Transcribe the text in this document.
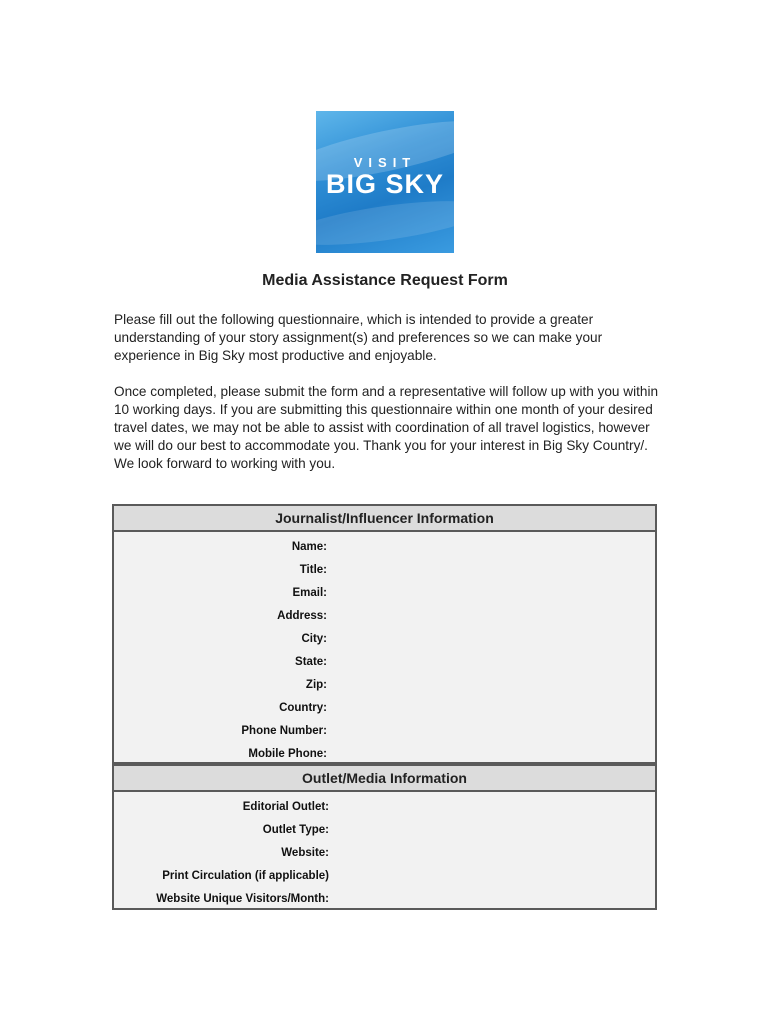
VISIT
BIG SKY
Media Assistance Request Form

Please fill out the following questionnaire, which is intended to provide a greater understanding of your story assignment(s) and preferences so we can make your experience in Big Sky most productive and enjoyable.

Once completed, please submit the form and a representative will follow up with you within 10 working days. If you are submitting this questionnaire within one month of your desired travel dates, we may not be able to assist with coordination of all travel logistics, however we will do our best to accommodate you. Thank you for your interest in Big Sky Country/. We look forward to working with you.

Journalist/Influencer Information
Name:
Title:
Email:
Address:
City:
State:
Zip:
Country:
Phone Number:
Mobile Phone:
Outlet/Media Information
Editorial Outlet:
Outlet Type:
Website:
Print Circulation (if applicable)
Website Unique Visitors/Month:
